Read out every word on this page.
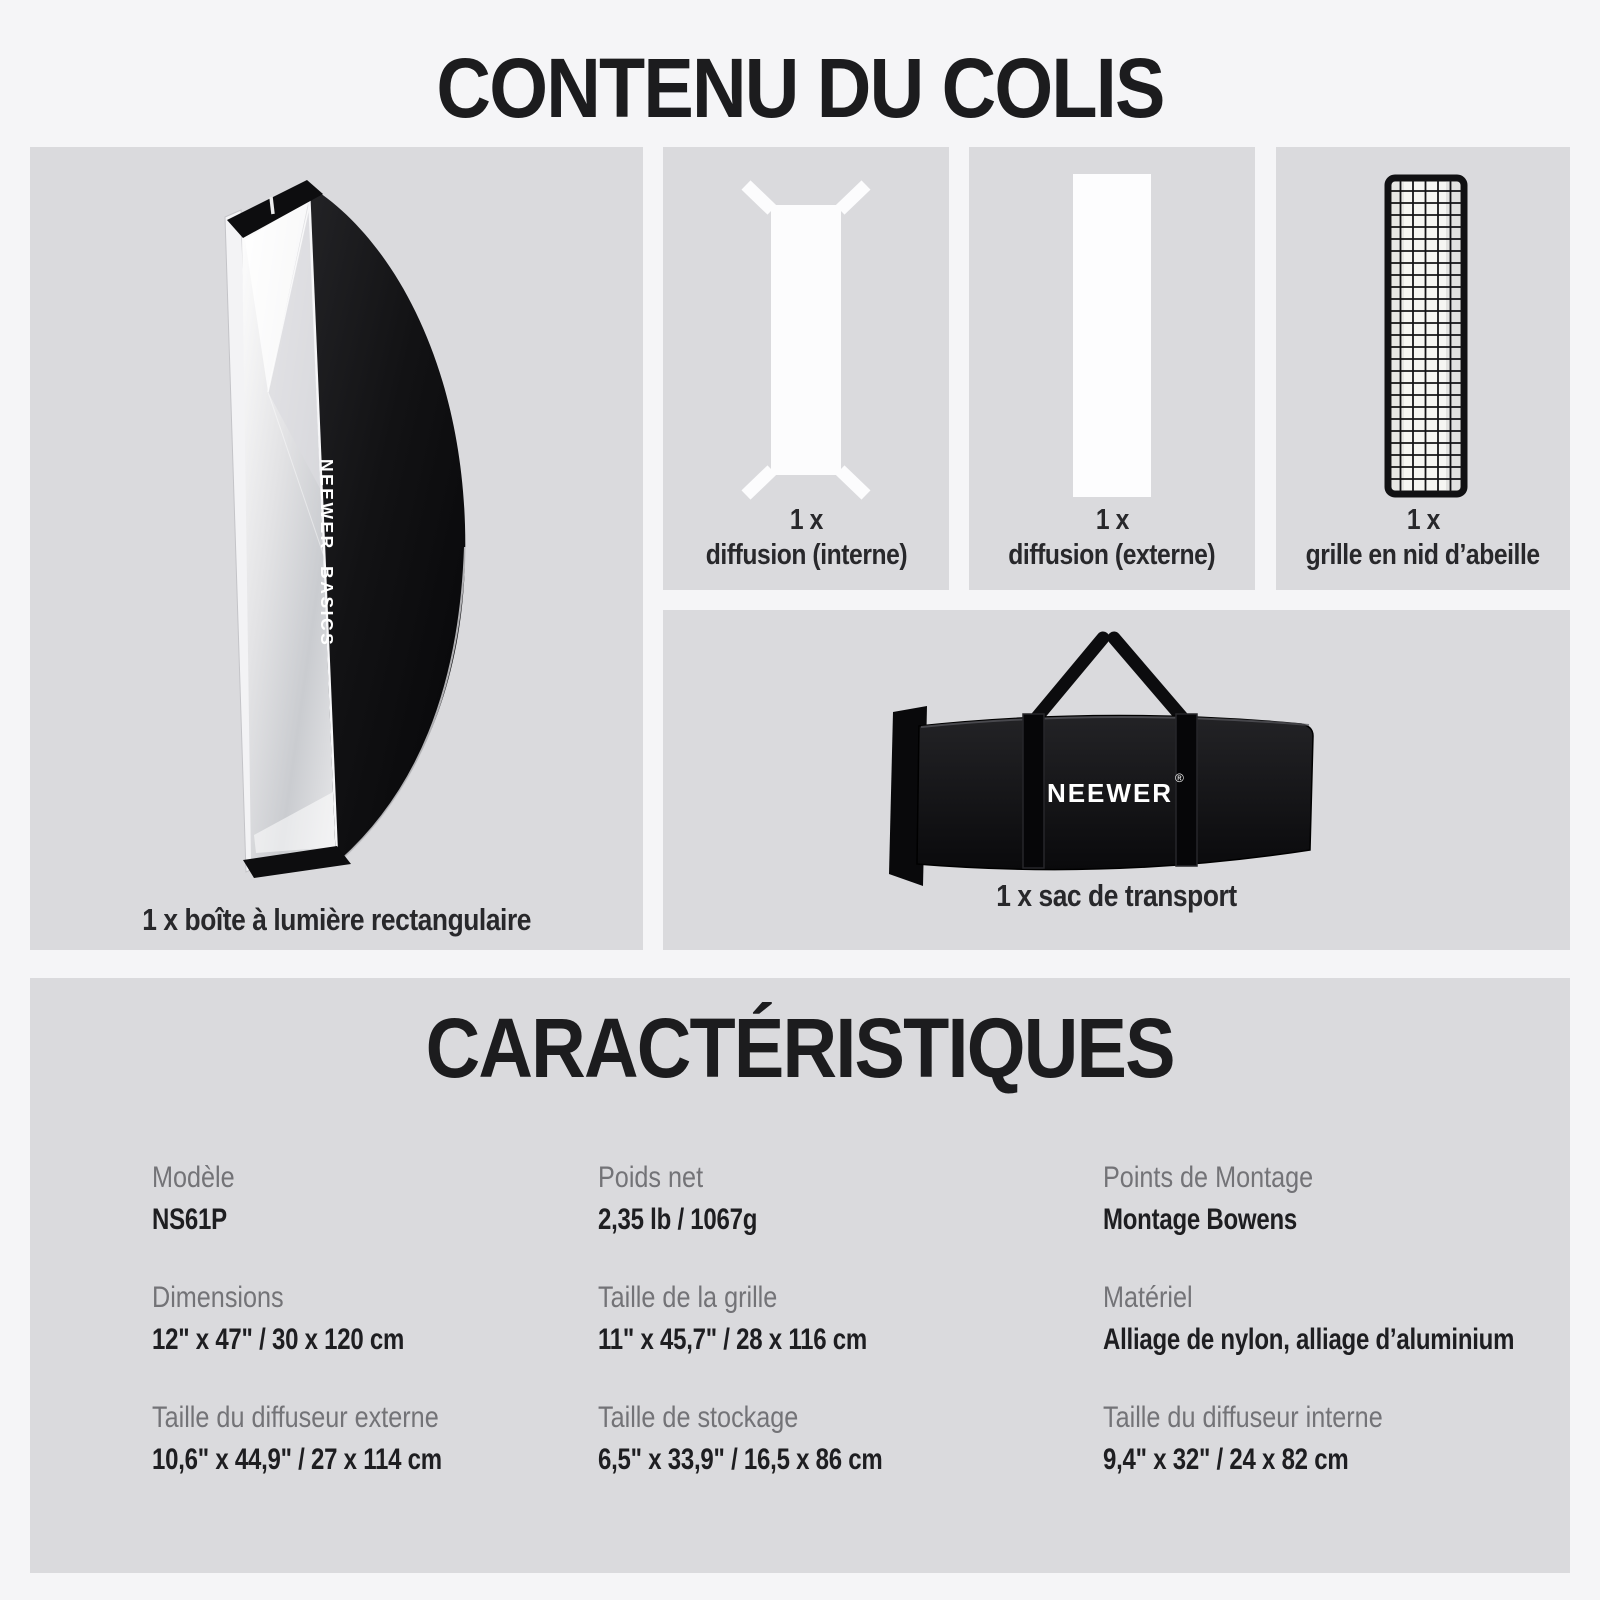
CONTENU DU COLIS
NEEWER BASICS
1 x boîte à lumière rectangulaire
1 x
diffusion (interne)
1 x
diffusion (externe)
1 x
grille en nid d’abeille
NEEWER ®
1 x sac de transport
CARACTÉRISTIQUES
Modèle
NS61P
Poids net
2,35 lb / 1067g
Points de Montage
Montage Bowens
Dimensions
12" x 47" / 30 x 120 cm
Taille de la grille
11" x 45,7" / 28 x 116 cm
Matériel
Alliage de nylon, alliage d’aluminium
Taille du diffuseur externe
10,6" x 44,9" / 27 x 114 cm
Taille de stockage
6,5" x 33,9" / 16,5 x 86 cm
Taille du diffuseur interne
9,4" x 32" / 24 x 82 cm
